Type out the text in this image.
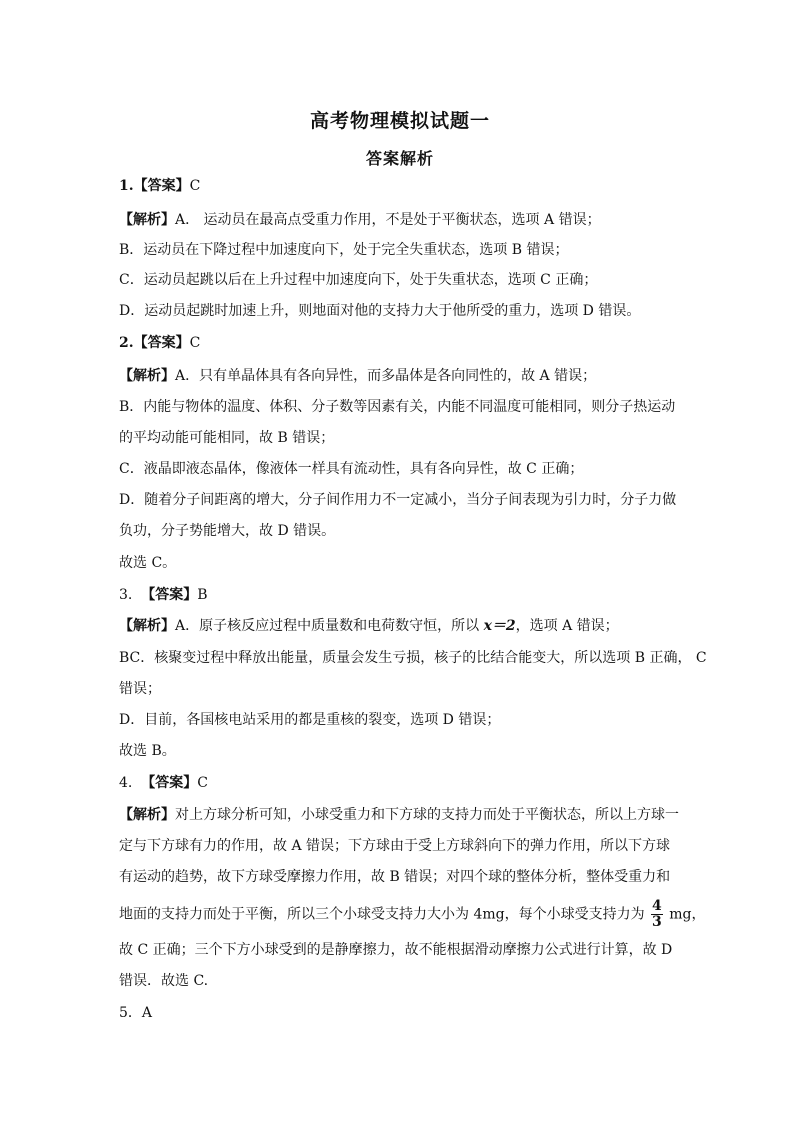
高考物理模拟试题一
答案解析
1.【答案】C
【解析】A． 运动员在最高点受重力作用，不是处于平衡状态，选项 A 错误；
B．运动员在下降过程中加速度向下，处于完全失重状态，选项 B 错误；
C．运动员起跳以后在上升过程中加速度向下，处于失重状态，选项 C 正确；
D．运动员起跳时加速上升，则地面对他的支持力大于他所受的重力，选项 D 错误。
2.【答案】C
【解析】A．只有单晶体具有各向异性，而多晶体是各向同性的，故 A 错误；
B．内能与物体的温度、体积、分子数等因素有关，内能不同温度可能相同，则分子热运动
的平均动能可能相同，故 B 错误；
C．液晶即液态晶体，像液体一样具有流动性，具有各向异性，故 C 正确；
D．随着分子间距离的增大，分子间作用力不一定减小，当分子间表现为引力时，分子力做
负功，分子势能增大，故 D 错误。
故选 C。
3. 【答案】B
【解析】A．原子核反应过程中质量数和电荷数守恒，所以 x＝2，选项 A 错误；
BC．核聚变过程中释放出能量，质量会发生亏损，核子的比结合能变大，所以选项 B 正确， C
错误；
D．目前，各国核电站采用的都是重核的裂变，选项 D 错误；
故选 B。
4. 【答案】C
【解析】对上方球分析可知，小球受重力和下方球的支持力而处于平衡状态，所以上方球一
定与下方球有力的作用，故 A 错误；下方球由于受上方球斜向下的弹力作用，所以下方球
有运动的趋势，故下方球受摩擦力作用，故 B 错误；对四个球的整体分析，整体受重力和
地面的支持力而处于平衡，所以三个小球受支持力大小为 4mg，每个小球受支持力为 $\frac{4}{3}$ mg，
故 C 正确；三个下方小球受到的是静摩擦力，故不能根据滑动摩擦力公式进行计算，故 D
错误．故选 C.
5．A
